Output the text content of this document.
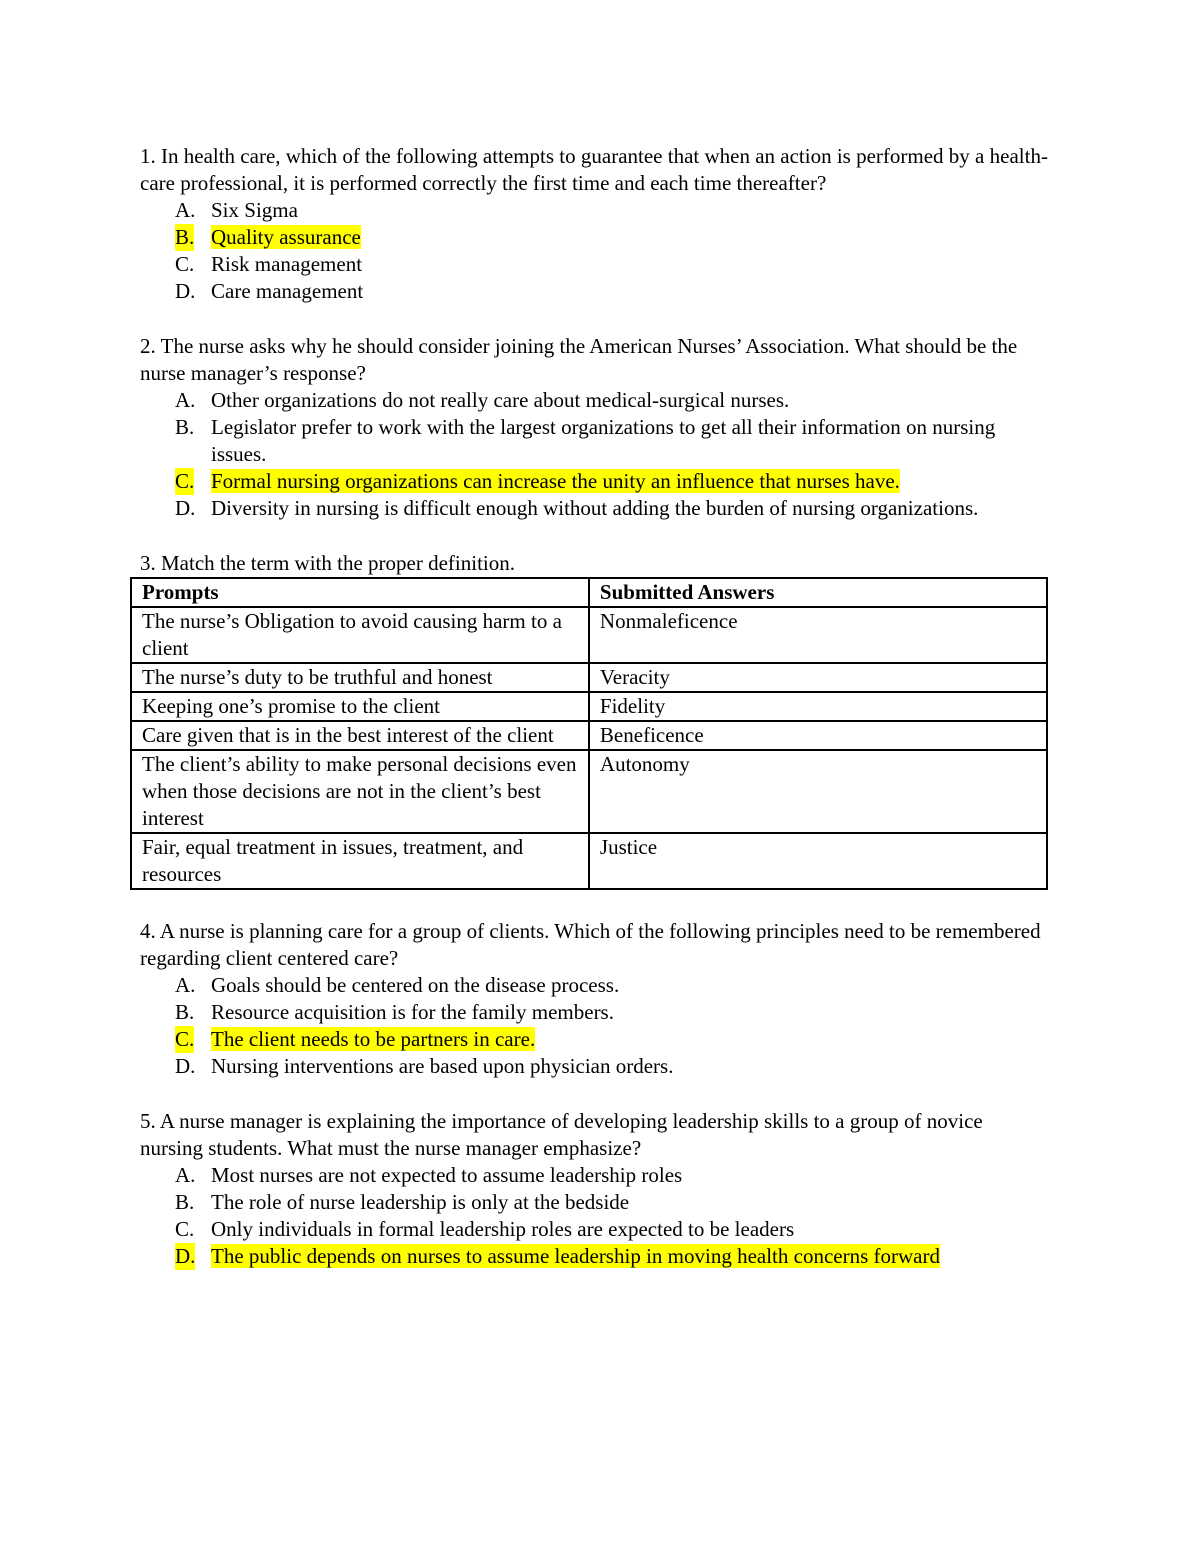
1. In health care, which of the following attempts to guarantee that when an action is performed by a health-care professional, it is performed correctly the first time and each time thereafter?

A. Six Sigma
B. Quality assurance
C. Risk management
D. Care management

2. The nurse asks why he should consider joining the American Nurses’ Association. What should be the nurse manager’s response?

A. Other organizations do not really care about medical-surgical nurses.
B. Legislator prefer to work with the largest organizations to get all their information on nursing issues.
C. Formal nursing organizations can increase the unity an influence that nurses have.
D. Diversity in nursing is difficult enough without adding the burden of nursing organizations.

3. Match the term with the proper definition.

Prompts	Submitted Answers
The nurse’s Obligation to avoid causing harm to a client	Nonmaleficence
The nurse’s duty to be truthful and honest	Veracity
Keeping one’s promise to the client	Fidelity
Care given that is in the best interest of the client	Beneficence
The client’s ability to make personal decisions even when those decisions are not in the client’s best interest	Autonomy
Fair, equal treatment in issues, treatment, and resources	Justice

4. A nurse is planning care for a group of clients. Which of the following principles need to be remembered regarding client centered care?

A. Goals should be centered on the disease process.
B. Resource acquisition is for the family members.
C. The client needs to be partners in care.
D. Nursing interventions are based upon physician orders.

5. A nurse manager is explaining the importance of developing leadership skills to a group of novice nursing students. What must the nurse manager emphasize?

A. Most nurses are not expected to assume leadership roles
B. The role of nurse leadership is only at the bedside
C. Only individuals in formal leadership roles are expected to be leaders
D. The public depends on nurses to assume leadership in moving health concerns forward
